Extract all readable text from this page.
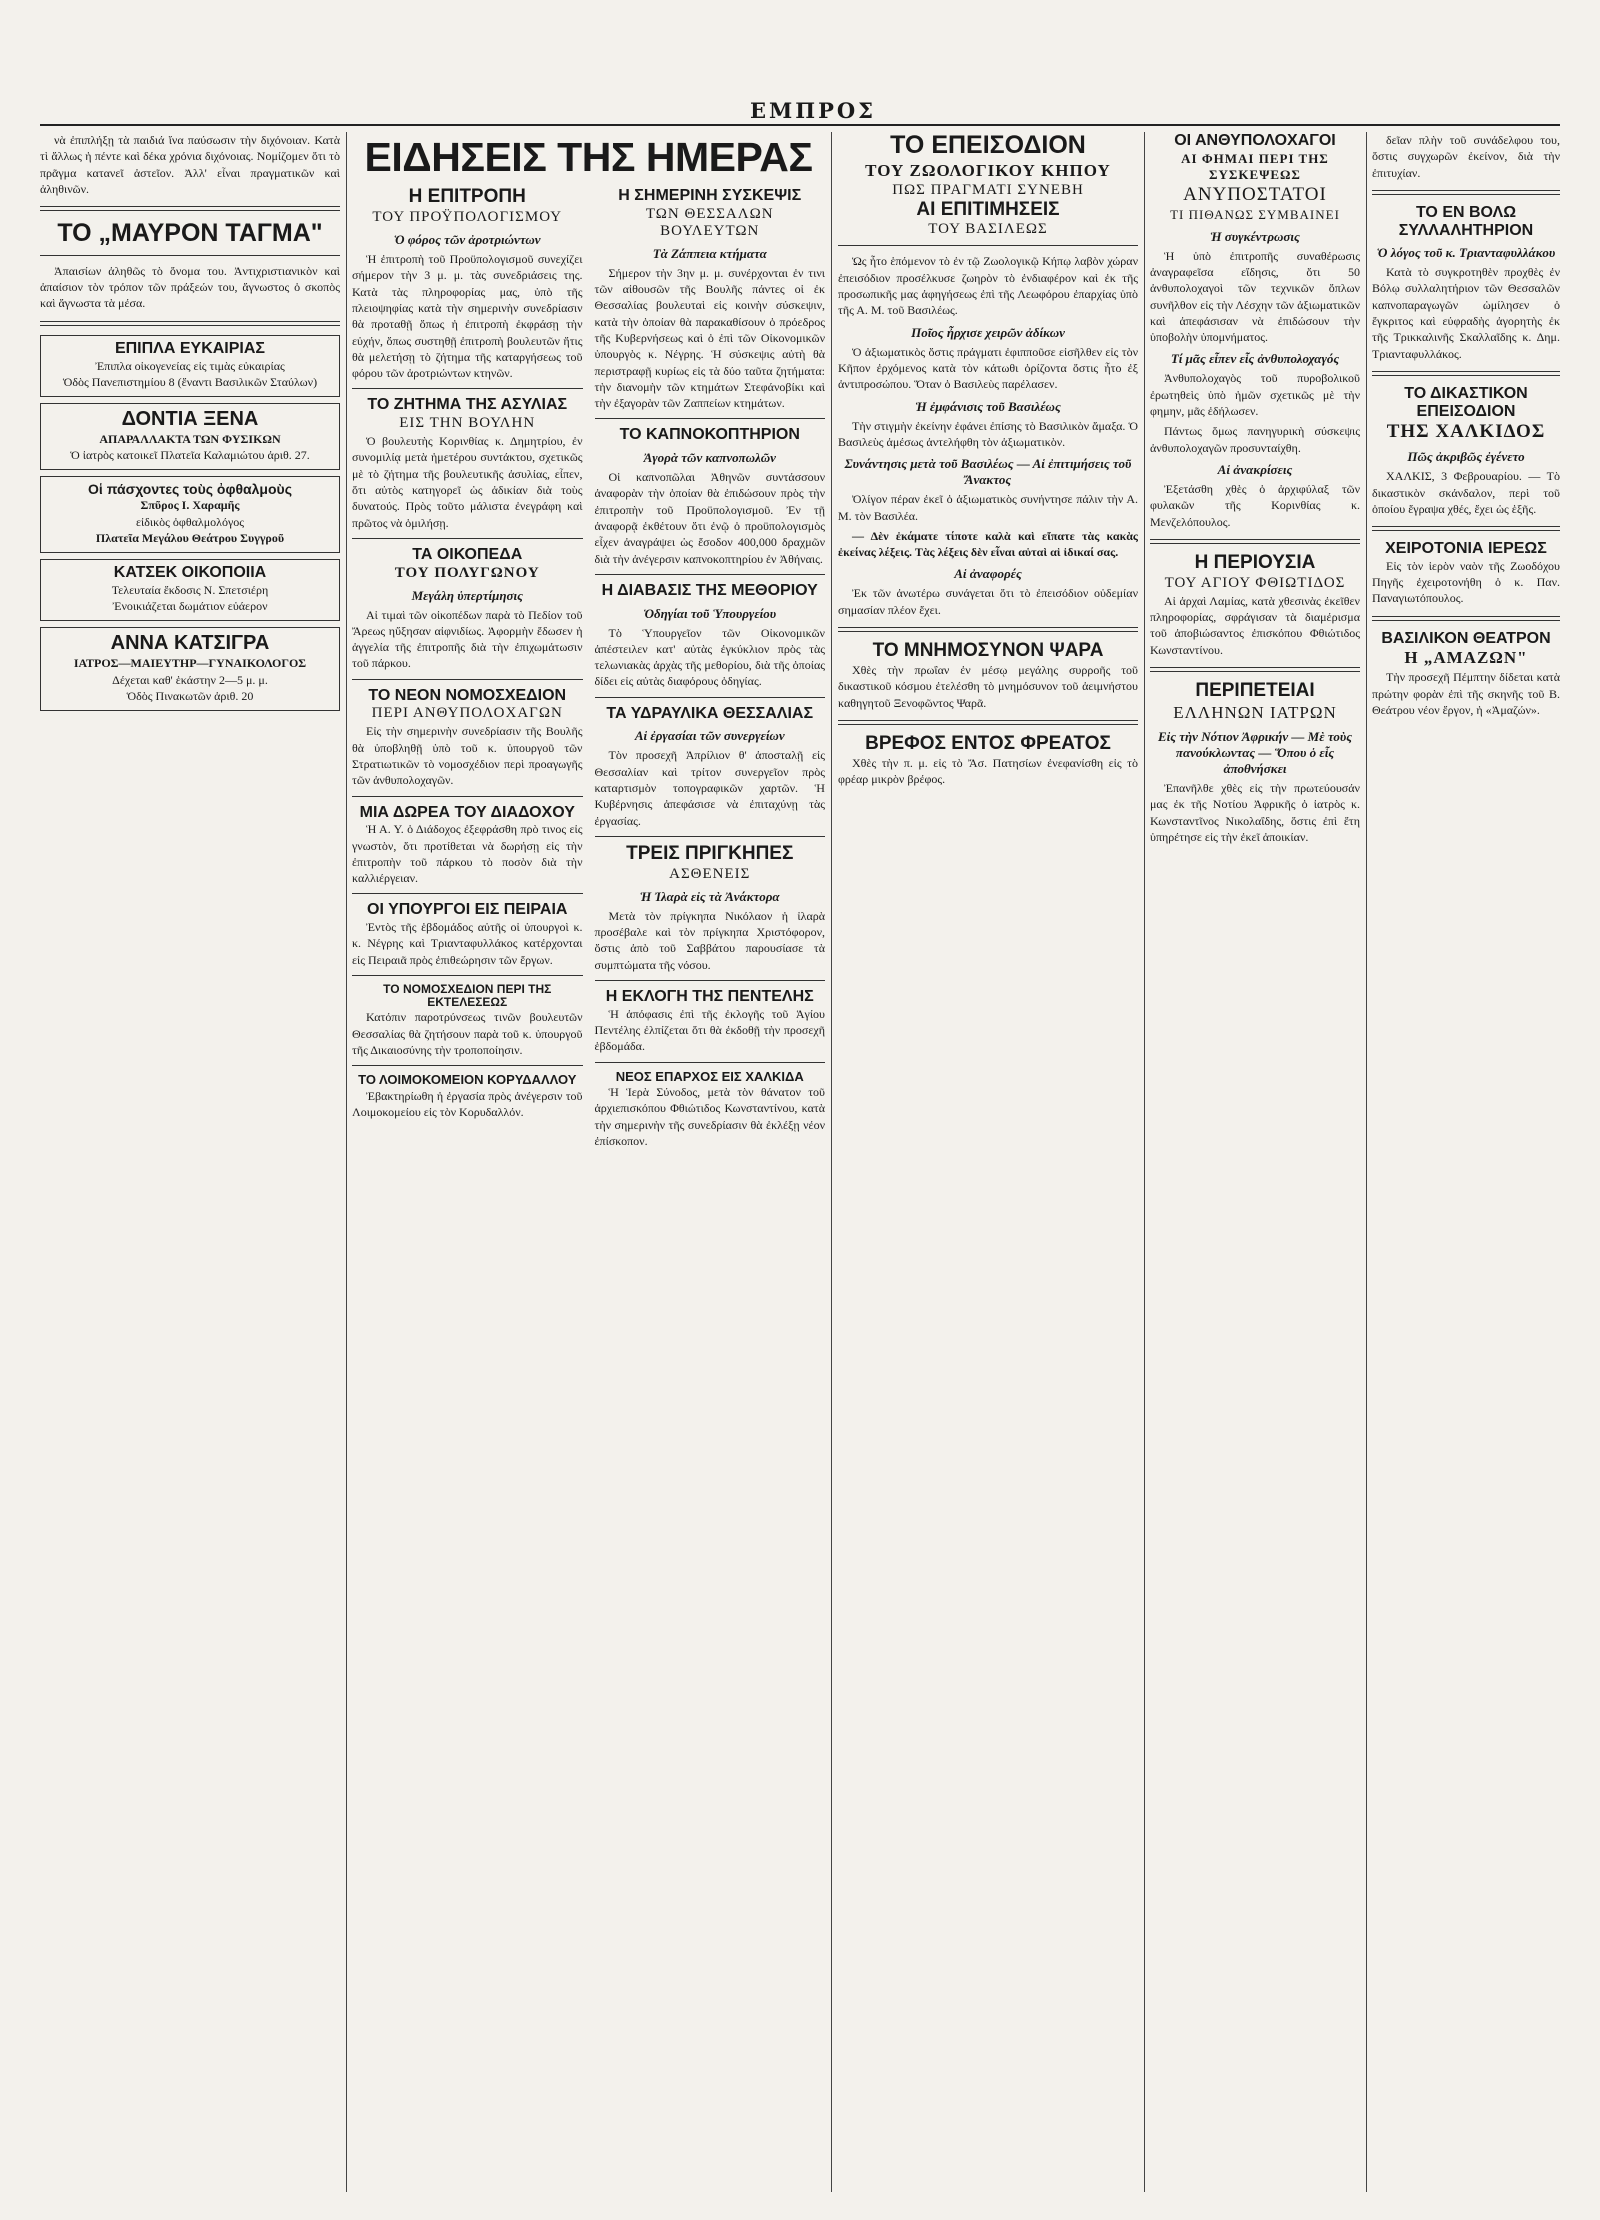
ΕΜΠΡΟΣ

νὰ ἐπιπλήξῃ τὰ παιδιά ἵνα παύσωσιν τὴν διχόνοιαν. Κατὰ τὶ ἄλλως ἡ πέντε καὶ δέκα χρόνια διχόνοιας. Νομίζομεν ὅτι τὸ πρᾶγμα κατανεῖ ἀστεῖον. Ἀλλ' εἶναι πραγματικῶν καὶ ἀληθινῶν.

ΤΟ „ΜΑΥΡΟΝ ΤΑΓΜΑ"

Ἀπαισίων ἀληθῶς τὸ ὄνομα του. Ἀντιχριστιανικὸν καὶ ἀπαίσιον τὸν τρόπον τῶν πράξεών του, ἄγνωστος ὁ σκοπὸς καὶ ἄγνωστα τὰ μέσα.

ΕΠΙΠΛΑ ΕΥΚΑΙΡΙΑΣ

Ἐπιπλα οἰκογενείας εἰς τιμὰς εὐκαιρίας

Ὁδὸς Πανεπιστημίου 8 (ἔναντι Βασιλικῶν Σταύλων)

ΔΟΝΤΙΑ ΞΕΝΑ

ΑΠΑΡΑΛΛΑΚΤΑ ΤΩΝ ΦΥΣΙΚΩΝ

Ὁ ἰατρὸς κατοικεῖ Πλατεῖα Καλαμιώτου ἀριθ. 27.

Οἱ πάσχοντες τοὺς ὀφθαλμοὺς

Σπῦρος Ι. Χαραμῆς

εἰδικὸς ὀφθαλμολόγος

Πλατεῖα Μεγάλου Θεάτρου Συγγροῦ

ΚΑΤΣΕΚ ΟΙΚΟΠΟΙΙΑ

Τελευταία ἔκδοσις Ν. Σπετσιέρη

Ἐνοικιάζεται δωμάτιον εὐάερον

ΑΝΝΑ ΚΑΤΣΙΓΡΑ

ΙΑΤΡΟΣ—ΜΑΙΕΥΤΗΡ—ΓΥΝΑΙΚΟΛΟΓΟΣ

Δέχεται καθ' ἑκάστην 2—5 μ. μ.

Ὁδὸς Πινακωτῶν ἀριθ. 20

ΕΙΔΗΣΕΙΣ ΤΗΣ ΗΜΕΡΑΣ
Η ΕΠΙΤΡΟΠΗ

ΤΟΥ ΠΡΟΫΠΟΛΟΓΙΣΜΟΥ

Ὁ φόρος τῶν ἀροτριώντων

Ἡ ἐπιτροπὴ τοῦ Προϋπολογισμοῦ συνεχίζει σήμερον τὴν 3 μ. μ. τὰς συνεδριάσεις της. Κατὰ τὰς πληροφορίας μας, ὑπὸ τῆς πλειοψηφίας κατὰ τὴν σημερινὴν συνεδρίασιν θὰ προταθῇ ὅπως ἡ ἐπιτροπὴ ἐκφράσῃ τὴν εὐχήν, ὅπως συστηθῇ ἐπιτροπὴ βουλευτῶν ἥτις θὰ μελετήσῃ τὸ ζήτημα τῆς καταργήσεως τοῦ φόρου τῶν ἀροτριώντων κτηνῶν.

ΤΟ ΖΗΤΗΜΑ ΤΗΣ ΑΣΥΛΙΑΣ

ΕΙΣ ΤΗΝ ΒΟΥΛΗΝ

Ὁ βουλευτὴς Κορινθίας κ. Δημητρίου, ἐν συνομιλίᾳ μετὰ ἡμετέρου συντάκτου, σχετικῶς μὲ τὸ ζήτημα τῆς βουλευτικῆς ἀσυλίας, εἶπεν, ὅτι αὐτὸς κατηγορεῖ ὡς ἀδικίαν διὰ τοὺς δυνατούς. Πρὸς τοῦτο μάλιστα ἐνεγράφη καὶ πρῶτος νὰ ὁμιλήσῃ.

ΤΑ ΟΙΚΟΠΕΔΑ

ΤΟΥ ΠΟΛΥΓΩΝΟΥ

Μεγάλη ὑπερτίμησις

Αἱ τιμαὶ τῶν οἰκοπέδων παρὰ τὸ Πεδίον τοῦ Ἄρεως ηὔξησαν αἰφνιδίως. Ἀφορμὴν ἔδωσεν ἡ ἀγγελία τῆς ἐπιτροπῆς διὰ τὴν ἐπιχωμάτωσιν τοῦ πάρκου.

ΤΟ ΝΕΟΝ ΝΟΜΟΣΧΕΔΙΟΝ

ΠΕΡΙ ΑΝΘΥΠΟΛΟΧΑΓΩΝ

Εἰς τὴν σημερινὴν συνεδρίασιν τῆς Βουλῆς θὰ ὑποβληθῇ ὑπὸ τοῦ κ. ὑπουργοῦ τῶν Στρατιωτικῶν τὸ νομοσχέδιον περὶ προαγωγῆς τῶν ἀνθυπολοχαγῶν.

ΜΙΑ ΔΩΡΕΑ ΤΟΥ ΔΙΑΔΟΧΟΥ

Ἡ Α. Υ. ὁ Διάδοχος ἐξεφράσθη πρὸ τινος εἰς γνωστὸν, ὅτι προτίθεται νὰ δωρήσῃ εἰς τὴν ἐπιτροπὴν τοῦ πάρκου τὸ ποσὸν διὰ τὴν καλλιέργειαν.

ΟΙ ΥΠΟΥΡΓΟΙ ΕΙΣ ΠΕΙΡΑΙΑ

Ἐντὸς τῆς ἑβδομάδος αὐτῆς οἱ ὑπουργοὶ κ. κ. Νέγρης καὶ Τριανταφυλλάκος κατέρχονται εἰς Πειραιᾶ πρὸς ἐπιθεώρησιν τῶν ἔργων.

ΤΟ ΝΟΜΟΣΧΕΔΙΟΝ ΠΕΡΙ ΤΗΣ ΕΚΤΕΛΕΣΕΩΣ

Κατόπιν παροτρύνσεως τινῶν βουλευτῶν Θεσσαλίας θὰ ζητήσουν παρὰ τοῦ κ. ὑπουργοῦ τῆς Δικαιοσύνης τὴν τροποποίησιν.

ΤΟ ΛΟΙΜΟΚΟΜΕΙΟΝ ΚΟΡΥΔΑΛΛΟΥ

Ἐβακτηρίωθη ἡ ἐργασία πρὸς ἀνέγερσιν τοῦ Λοιμοκομείου εἰς τὸν Κορυδαλλόν.

Η ΣΗΜΕΡΙΝΗ ΣΥΣΚΕΨΙΣ

ΤΩΝ ΘΕΣΣΑΛΩΝ ΒΟΥΛΕΥΤΩΝ

Τὰ Ζάππεια κτήματα

Σήμερον τὴν 3ην μ. μ. συνέρχονται ἐν τινι τῶν αἰθουσῶν τῆς Βουλῆς πάντες οἱ ἐκ Θεσσαλίας βουλευταὶ εἰς κοινὴν σύσκεψιν, κατὰ τὴν ὁποίαν θὰ παρακαθίσουν ὁ πρόεδρος τῆς Κυβερνήσεως καὶ ὁ ἐπὶ τῶν Οἰκονομικῶν ὑπουργὸς κ. Νέγρης. Ἡ σύσκεψις αὐτὴ θὰ περιστραφῇ κυρίως εἰς τὰ δύο ταῦτα ζητήματα: τὴν διανομὴν τῶν κτημάτων Στεφάνοβίκι καὶ τὴν ἐξαγορὰν τῶν Ζαππείων κτημάτων.

ΤΟ ΚΑΠΝΟΚΟΠΤΗΡΙΟΝ

Ἀγορὰ τῶν καπνοπωλῶν

Οἱ καπνοπῶλαι Ἀθηνῶν συντάσσουν ἀναφορὰν τὴν ὁποίαν θὰ ἐπιδώσουν πρὸς τὴν ἐπιτροπὴν τοῦ Προϋπολογισμοῦ. Ἐν τῇ ἀναφορᾷ ἐκθέτουν ὅτι ἐνῷ ὁ προϋπολογισμὸς εἶχεν ἀναγράψει ὡς ἔσοδον 400,000 δραχμῶν διὰ τὴν ἀνέγερσιν καπνοκοπτηρίου ἐν Ἀθήναις.

Η ΔΙΑΒΑΣΙΣ ΤΗΣ ΜΕΘΟΡΙΟΥ

Ὁδηγίαι τοῦ Ὑπουργείου

Τὸ Ὑπουργεῖον τῶν Οἰκονομικῶν ἀπέστειλεν κατ' αὐτὰς ἐγκύκλιον πρὸς τὰς τελωνιακὰς ἀρχὰς τῆς μεθορίου, διὰ τῆς ὁποίας δίδει εἰς αὐτὰς διαφόρους ὁδηγίας.

ΤΑ ΥΔΡΑΥΛΙΚΑ ΘΕΣΣΑΛΙΑΣ

Αἱ ἐργασίαι τῶν συνεργείων

Τὸν προσεχῆ Ἀπρίλιον θ' ἀποσταλῇ εἰς Θεσσαλίαν καὶ τρίτον συνεργεῖον πρὸς καταρτισμὸν τοπογραφικῶν χαρτῶν. Ἡ Κυβέρνησις ἀπεφάσισε νὰ ἐπιταχύνῃ τὰς ἐργασίας.

ΤΡΕΙΣ ΠΡΙΓΚΗΠΕΣ

ΑΣΘΕΝΕΙΣ

Ἡ Ἰλαρὰ εἰς τὰ Ἀνάκτορα

Μετὰ τὸν πρίγκηπα Νικόλαον ἡ ἰλαρὰ προσέβαλε καὶ τὸν πρίγκηπα Χριστόφορον, ὅστις ἀπὸ τοῦ Σαββάτου παρουσίασε τὰ συμπτώματα τῆς νόσου.

Η ΕΚΛΟΓΗ ΤΗΣ ΠΕΝΤΕΛΗΣ

Ἡ ἀπόφασις ἐπὶ τῆς ἐκλογῆς τοῦ Ἁγίου Πεντέλης ἐλπίζεται ὅτι θὰ ἐκδοθῇ τὴν προσεχῆ ἑβδομάδα.

ΝΕΟΣ ΕΠΑΡΧΟΣ ΕΙΣ ΧΑΛΚΙΔΑ

Ἡ Ἱερὰ Σύνοδος, μετὰ τὸν θάνατον τοῦ ἀρχιεπισκόπου Φθιώτιδος Κωνσταντίνου, κατὰ τὴν σημερινὴν τῆς συνεδρίασιν θὰ ἐκλέξῃ νέον ἐπίσκοπον.

ΤΟ ΕΠΕΙΣΟΔΙΟΝ

ΤΟΥ ΖΩΟΛΟΓΙΚΟΥ ΚΗΠΟΥ

ΠΩΣ ΠΡΑΓΜΑΤΙ ΣΥΝΕΒΗ

ΑΙ ΕΠΙΤΙΜΗΣΕΙΣ

ΤΟΥ ΒΑΣΙΛΕΩΣ

Ὡς ἦτο ἑπόμενον τὸ ἐν τῷ Ζωολογικῷ Κήπῳ λαβὸν χώραν ἐπεισόδιον προσέλκυσε ζωηρὸν τὸ ἐνδιαφέρον καὶ ἐκ τῆς προσωπικῆς μας ἀφηγήσεως ἐπὶ τῆς Λεωφόρου ἐπαρχίας ὑπὸ τῆς Α. Μ. τοῦ Βασιλέως.

Ποῖος ἦρχισε χειρῶν ἀδίκων

Ὁ ἀξιωματικὸς ὅστις πράγματι ἐφιπποῦσε εἰσῆλθεν εἰς τὸν Κῆπον ἐρχόμενος κατὰ τὸν κάτωθι ὁρίζοντα ὅστις ἦτο ἐξ ἀντιπροσώπου. Ὅταν ὁ Βασιλεὺς παρέλασεν.

Ἡ ἐμφάνισις τοῦ Βασιλέως

Τὴν στιγμὴν ἐκείνην ἐφάνει ἐπίσης τὸ Βασιλικὸν ἅμαξα. Ὁ Βασιλεὺς ἀμέσως ἀντελήφθη τὸν ἀξιωματικὸν.

Συνάντησις μετὰ τοῦ Βασιλέως — Αἱ ἐπιτιμήσεις τοῦ Ἄνακτος

Ὀλίγον πέραν ἐκεῖ ὁ ἀξιωματικὸς συνήντησε πάλιν τὴν Α. Μ. τὸν Βασιλέα.

— Δὲν ἐκάματε τίποτε καλὰ καὶ εἴπατε τὰς κακὰς ἐκείνας λέξεις. Τὰς λέξεις δὲν εἶναι αὐταὶ αἱ ἰδικαί σας.

Αἱ ἀναφορές

Ἐκ τῶν ἀνωτέρω συνάγεται ὅτι τὸ ἐπεισόδιον οὐδεμίαν σημασίαν πλέον ἔχει.

ΤΟ ΜΝΗΜΟΣΥΝΟΝ ΨΑΡΑ

Χθὲς τὴν πρωΐαν ἐν μέσῳ μεγάλης συρροῆς τοῦ δικαστικοῦ κόσμου ἐτελέσθη τὸ μνημόσυνον τοῦ ἀειμνήστου καθηγητοῦ Ξενοφῶντος Ψαρᾶ.

ΒΡΕΦΟΣ ΕΝΤΟΣ ΦΡΕΑΤΟΣ

Χθὲς τὴν π. μ. εἰς τὸ Ἄσ. Πατησίων ἐνεφανίσθη εἰς τὸ φρέαρ μικρὸν βρέφος.

ΟΙ ΑΝΘΥΠΟΛΟΧΑΓΟΙ

ΑΙ ΦΗΜΑΙ ΠΕΡΙ ΤΗΣ ΣΥΣΚΕΨΕΩΣ

ΑΝΥΠΟΣΤΑΤΟΙ

ΤΙ ΠΙΘΑΝΩΣ ΣΥΜΒΑΙΝΕΙ

Ἡ συγκέντρωσις

Ἡ ὑπὸ ἐπιτροπῆς συναθέρωσις ἀναγραφεῖσα εἴδησις, ὅτι 50 ἀνθυπολοχαγοὶ τῶν τεχνικῶν ὅπλων συνῆλθον εἰς τὴν Λέσχην τῶν ἀξιωματικῶν καὶ ἀπεφάσισαν νὰ ἐπιδώσουν τὴν ὑποβολὴν ὑπομνήματος.

Τί μᾶς εἶπεν εἷς ἀνθυπολοχαγός

Ἀνθυπολοχαγὸς τοῦ πυροβολικοῦ ἐρωτηθεὶς ὑπὸ ἡμῶν σχετικῶς μὲ τὴν φημην, μᾶς ἐδήλωσεν.

Πάντως ὅμως πανηγυρικὴ σύσκεψις ἀνθυπολοχαγῶν προσυνταίχθη.

Αἱ ἀνακρίσεις

Ἐξετάσθη χθὲς ὁ ἀρχιφύλαξ τῶν φυλακῶν τῆς Κορινθίας κ. Μενζελόπουλος.

Η ΠΕΡΙΟΥΣΙΑ

ΤΟΥ ΑΓΙΟΥ ΦΘΙΩΤΙΔΟΣ

Αἱ ἀρχαὶ Λαμίας, κατὰ χθεσινὰς ἐκεῖθεν πληροφορίας, σφράγισαν τὰ διαμέρισμα τοῦ ἀποβιώσαντος ἐπισκόπου Φθιώτιδος Κωνσταντίνου.

ΠΕΡΙΠΕΤΕΙΑΙ

ΕΛΛΗΝΩΝ ΙΑΤΡΩΝ

Εἰς τὴν Νότιον Ἀφρικήν — Μὲ τοὺς πανούκλωντας — Ὅπου ὁ εἷς ἀποθνήσκει

Ἐπανῆλθε χθὲς εἰς τὴν πρωτεύουσάν μας ἐκ τῆς Νοτίου Ἀφρικῆς ὁ ἰατρὸς κ. Κωνσταντῖνος Νικολαΐδης, ὅστις ἐπὶ ἔτη ὑπηρέτησε εἰς τὴν ἐκεῖ ἀποικίαν.

δεῖαν πλὴν τοῦ συνάδελφου του, ὅστις συγχωρῶν ἐκείνον, διὰ τὴν ἐπιτυχίαν.

ΤΟ ΕΝ ΒΟΛΩ ΣΥΛΛΑΛΗΤΗΡΙΟΝ

Ὁ λόγος τοῦ κ. Τριανταφυλλάκου

Κατὰ τὸ συγκροτηθὲν προχθὲς ἐν Βόλῳ συλλαλητήριον τῶν Θεσσαλῶν καπνοπαραγωγῶν ὡμίλησεν ὁ ἔγκριτος καὶ εὐφραδὴς ἀγορητὴς ἐκ τῆς Τρικκαλινῆς Σκαλλαῖδης κ. Δημ. Τριανταφυλλάκος.

ΤΟ ΔΙΚΑΣΤΙΚΟΝ ΕΠΕΙΣΟΔΙΟΝ

ΤΗΣ ΧΑΛΚΙΔΟΣ

Πῶς ἀκριβῶς ἐγένετο

ΧΑΛΚΙΣ, 3 Φεβρουαρίου. — Τὸ δικαστικὸν σκάνδαλον, περὶ τοῦ ὁποίου ἔγραψα χθές, ἔχει ὡς ἑξῆς.

ΧΕΙΡΟΤΟΝΙΑ ΙΕΡΕΩΣ

Εἰς τὸν ἱερὸν ναὸν τῆς Ζωοδόχου Πηγῆς ἐχειροτονήθη ὁ κ. Παν. Παναγιωτόπουλος.

ΒΑΣΙΛΙΚΟΝ ΘΕΑΤΡΟΝ

Η „ΑΜΑΖΩΝ"

Τὴν προσεχῆ Πέμπτην δίδεται κατὰ πρώτην φορὰν ἐπὶ τῆς σκηνῆς τοῦ Β. Θεάτρου νέον ἔργον, ἡ «Ἀμαζών».
